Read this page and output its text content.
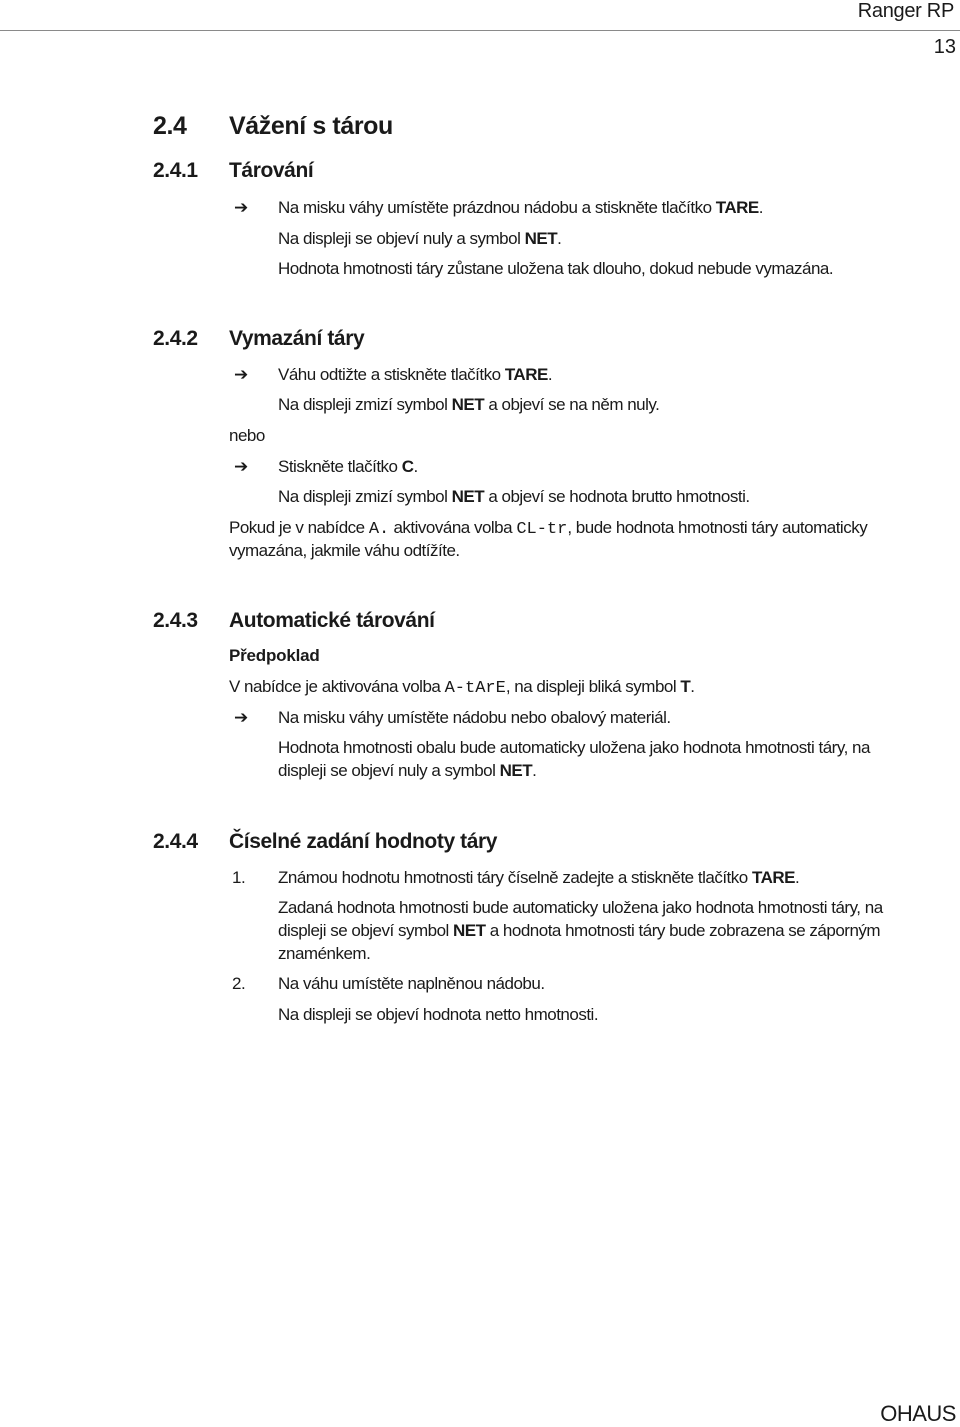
Ranger RP
13
OHAUS
2.4 Vážení s tárou
2.4.1 Tárování
➔ Na misku váhy umístěte prázdnou nádobu a stiskněte tlačítko TARE.
Na displeji se objeví nuly a symbol NET.
Hodnota hmotnosti táry zůstane uložena tak dlouho, dokud nebude vymazána.
2.4.2 Vymazání táry
➔ Váhu odtižte a stiskněte tlačítko TARE.
Na displeji zmizí symbol NET a objeví se na něm nuly.
nebo
➔ Stiskněte tlačítko C.
Na displeji zmizí symbol NET a objeví se hodnota brutto hmotnosti.
Pokud je v nabídce A. aktivována volba CL-tr, bude hodnota hmotnosti táry automaticky
vymazána, jakmile váhu odtížíte.
2.4.3 Automatické tárování
Předpoklad
V nabídce je aktivována volba A-tArE, na displeji bliká symbol T.
➔ Na misku váhy umístěte nádobu nebo obalový materiál.
Hodnota hmotnosti obalu bude automaticky uložena jako hodnota hmotnosti táry, na
displeji se objeví nuly a symbol NET.
2.4.4 Číselné zadání hodnoty táry
1. Známou hodnotu hmotnosti táry číselně zadejte a stiskněte tlačítko TARE.
Zadaná hodnota hmotnosti bude automaticky uložena jako hodnota hmotnosti táry, na
displeji se objeví symbol NET a hodnota hmotnosti táry bude zobrazena se záporným
znaménkem.
2. Na váhu umístěte naplněnou nádobu.
Na displeji se objeví hodnota netto hmotnosti.
